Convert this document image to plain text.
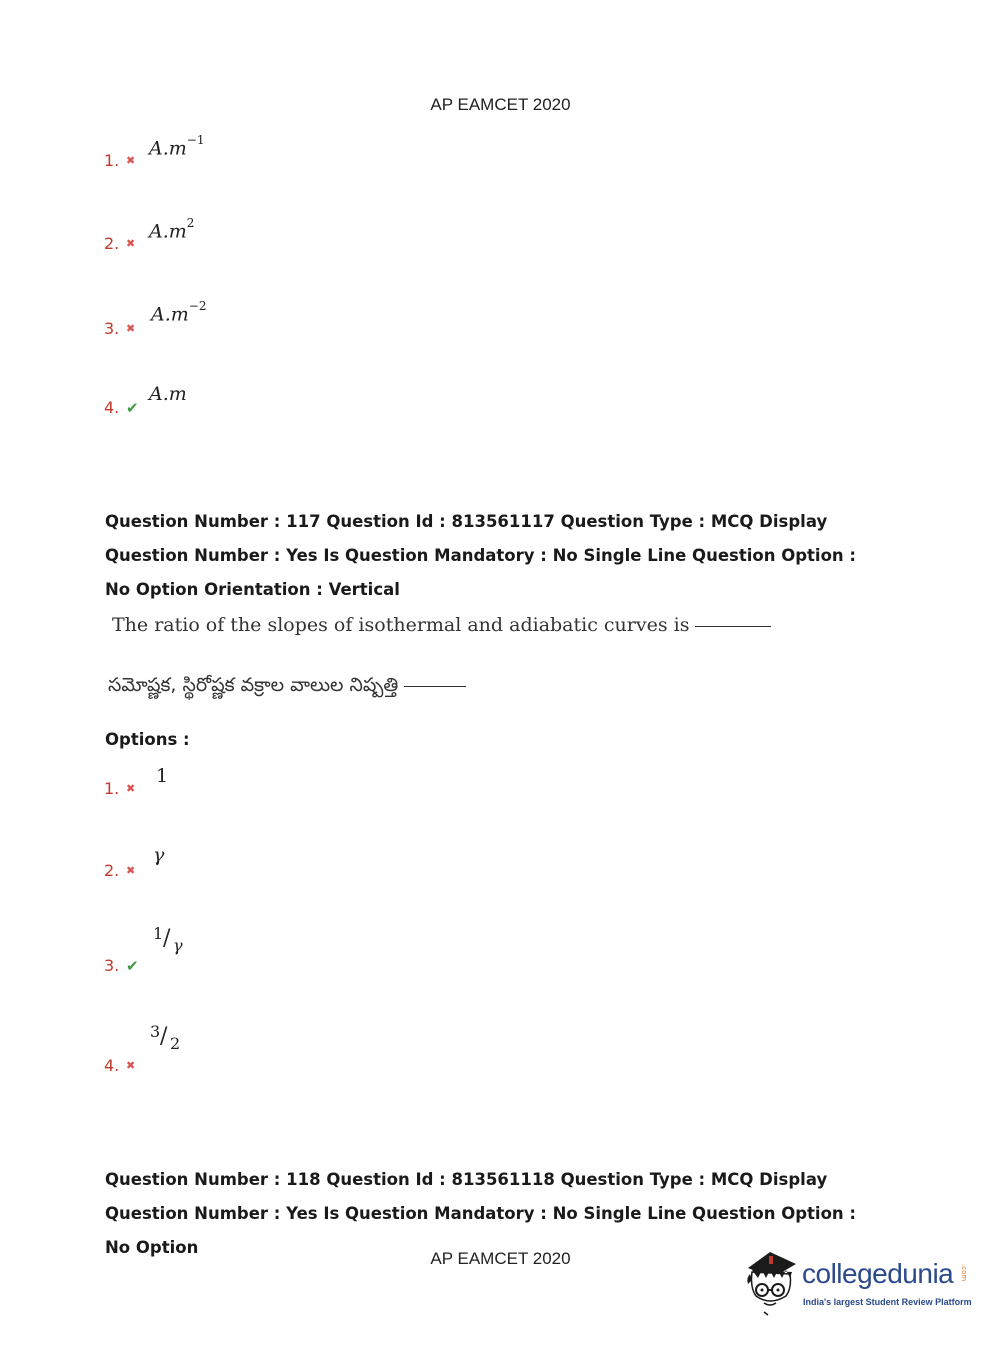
AP EAMCET 2020
1. ✖
$A.m^{-1}$
2. ✖
$A.m^2$
3. ✖
$A.m^{-2}$
4. ✔
A.m
Question Number : 117 Question Id : 813561117 Question Type : MCQ Display Question Number : Yes Is Question Mandatory : No Single Line Question Option : No Option Orientation : Vertical
The ratio of the slopes of isothermal and adiabatic curves is
సమోష్ణక, స్థిరోష్ణక వక్రాల వాలుల నిష్పత్తి
Options :
1. ✖
1
2. ✖
γ
3. ✔
1 / γ
4. ✖
3 / 2
Question Number : 118 Question Id : 813561118 Question Type : MCQ Display Question Number : Yes Is Question Mandatory : No Single Line Question Option : No Option
AP EAMCET 2020	collegedunia .com
India's largest Student Review Platform
